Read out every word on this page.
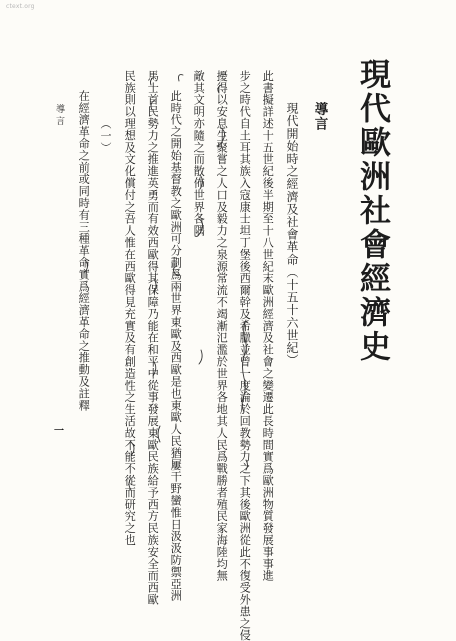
ctext.org
現代歐洲社會經濟史
導言
現代開始時之經濟及社會革命（十五十六世紀）
此書擬詳述十五世紀後半期至十八世紀末歐洲經濟及社會之變遷此長時間實爲歐洲物質發展事事進
步之時代自土耳其族入寇康士坦丁堡後西爾幹及希臘並曾一度淪於回教勢力之下其後歐洲從此不復受外患之侵
擾得以安息生聚嘗之人口及毅力之泉源常流不竭漸氾濫於世界各地其人民爲戰勝者殖民家海陸均無
敵其文明亦隨之而散佈世界各隅
此時代之開始基督教之歐洲可分劃爲兩世界東歐及西歐是也東歐人民猶屢干野蠻惟日汲汲防禦亞洲
馬士首民勢力之推進英勇而有效西歐得其保障乃能在和平中從事發展東歐民族給予西方民族安全而西歐
民族則以理想及文化償付之吾人惟在西歐得見充實及有創造性之生活故不能不從而研究之也
（一）
在經濟革命之前或同時有三種革命實爲經濟革命之推動及註釋
導言
一
